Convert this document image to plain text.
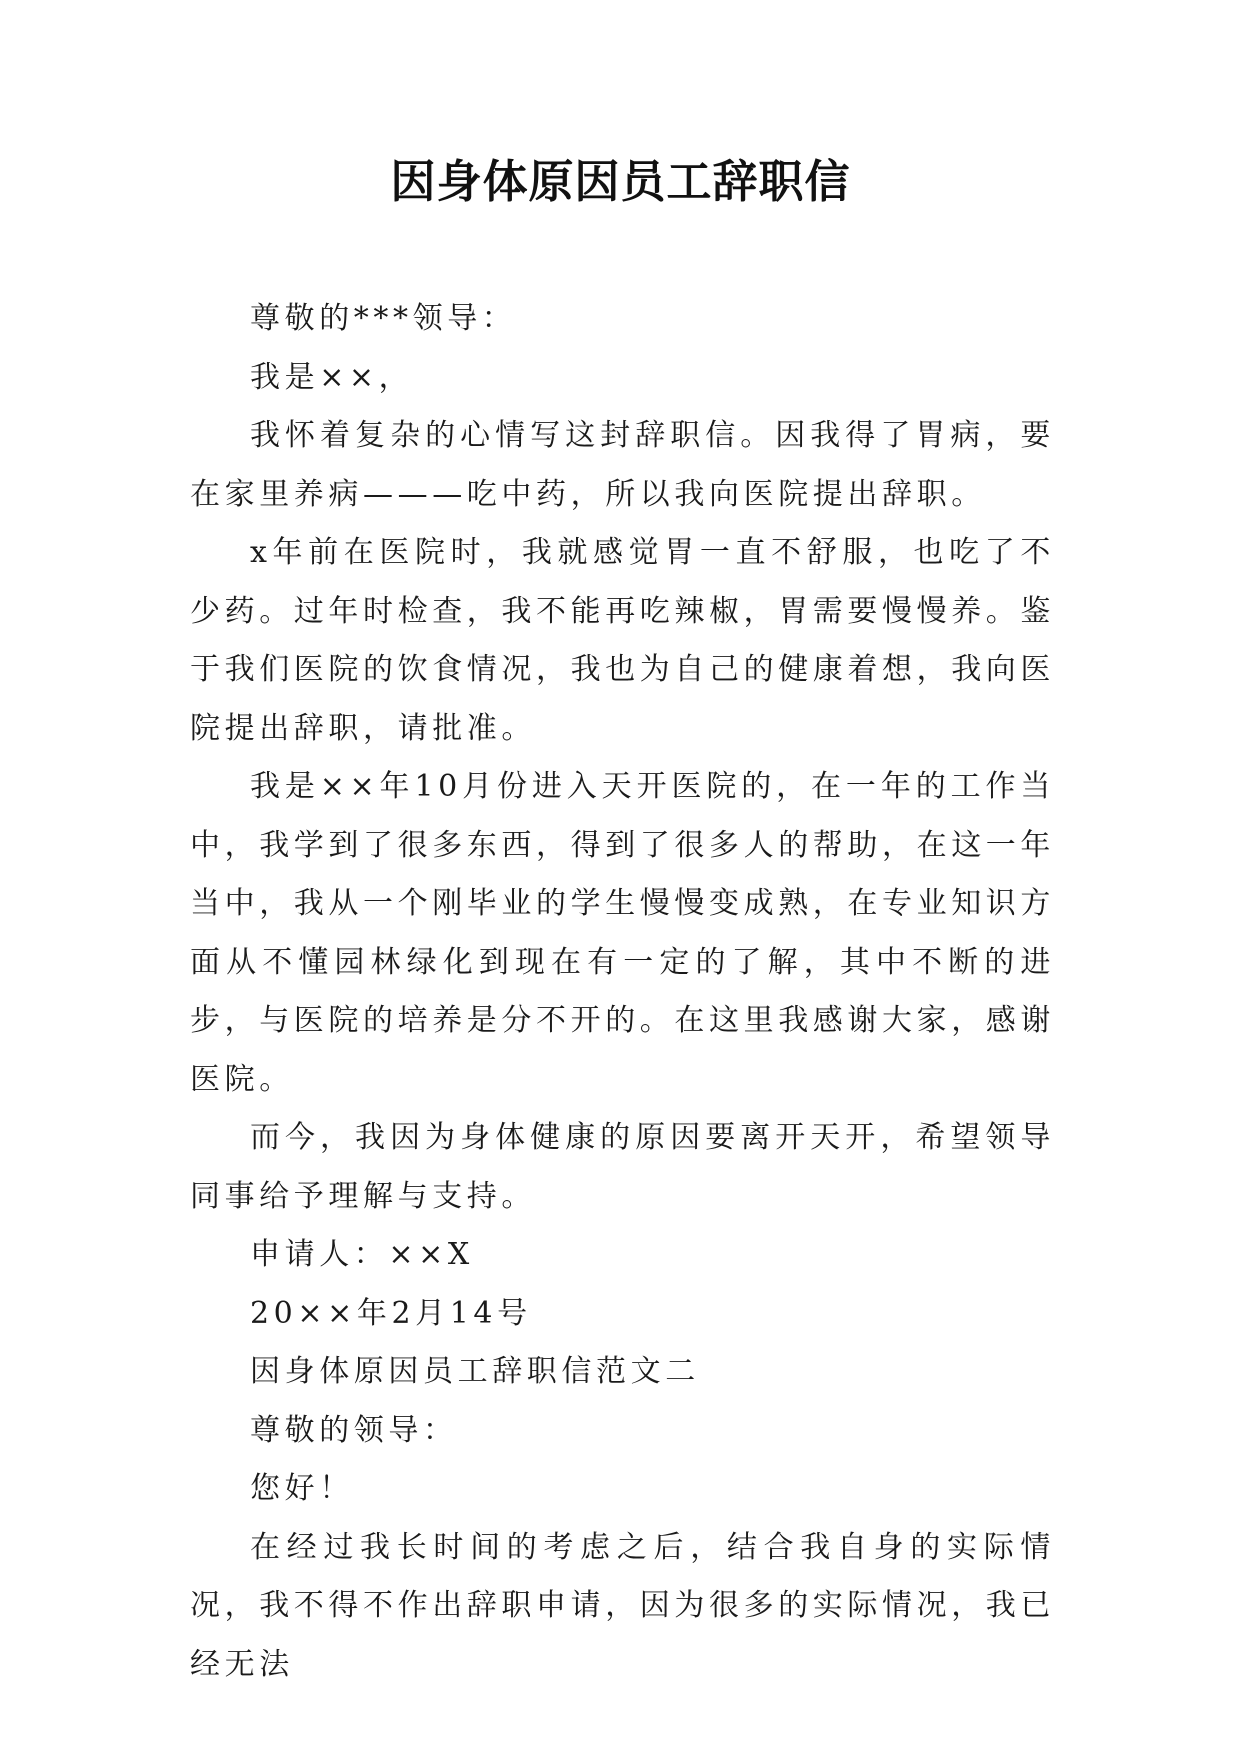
因身体原因员工辞职信

尊敬的***领导：

我是××，

我怀着复杂的心情写这封辞职信。因我得了胃病，要在家里养病———吃中药，所以我向医院提出辞职。

x年前在医院时，我就感觉胃一直不舒服，也吃了不少药。过年时检查，我不能再吃辣椒，胃需要慢慢养。鉴于我们医院的饮食情况，我也为自己的健康着想，我向医院提出辞职，请批准。

我是××年10月份进入天开医院的，在一年的工作当中，我学到了很多东西，得到了很多人的帮助，在这一年当中，我从一个刚毕业的学生慢慢变成熟，在专业知识方面从不懂园林绿化到现在有一定的了解，其中不断的进步，与医院的培养是分不开的。在这里我感谢大家，感谢医院。

而今，我因为身体健康的原因要离开天开，希望领导同事给予理解与支持。

申请人：××X

20××年2月14号

因身体原因员工辞职信范文二

尊敬的领导：

您好！

在经过我长时间的考虑之后，结合我自身的实际情况，我不得不作出辞职申请，因为很多的实际情况，我已经无法
